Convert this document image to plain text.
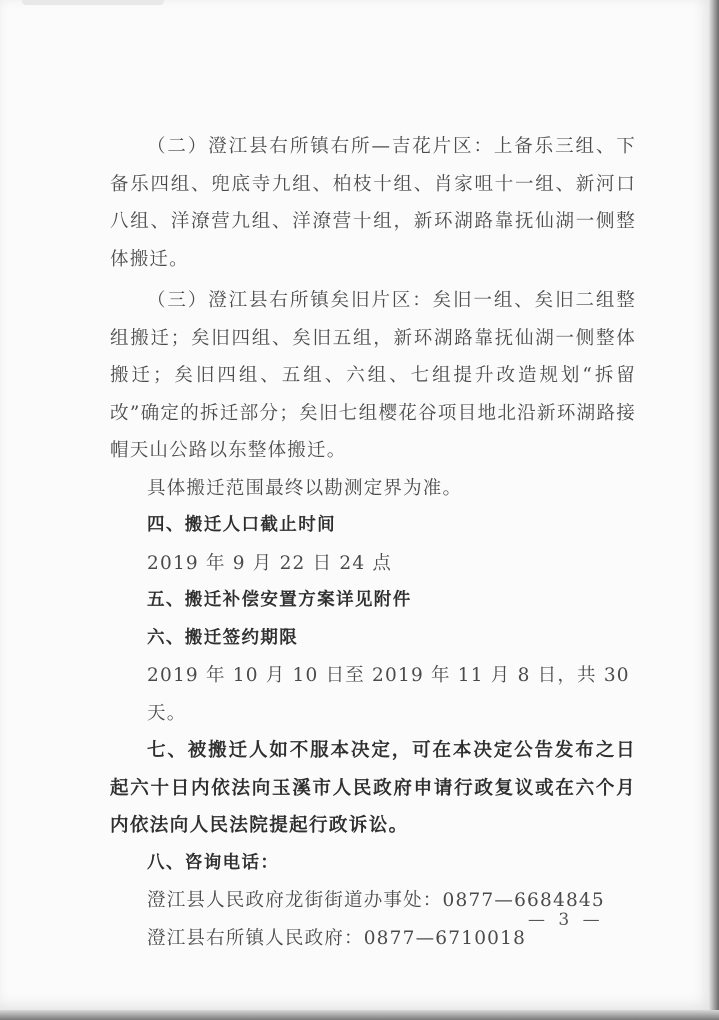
（二）澄江县右所镇右所—吉花片区：上备乐三组、下备乐四组、兜底寺九组、柏枝十组、肖家咀十一组、新河口八组、洋潦营九组、洋潦营十组，新环湖路靠抚仙湖一侧整体搬迁。

（三）澄江县右所镇矣旧片区：矣旧一组、矣旧二组整组搬迁；矣旧四组、矣旧五组，新环湖路靠抚仙湖一侧整体搬迁；矣旧四组、五组、六组、七组提升改造规划“拆留改”确定的拆迁部分；矣旧七组樱花谷项目地北沿新环湖路接帽天山公路以东整体搬迁。

具体搬迁范围最终以勘测定界为准。

四、搬迁人口截止时间

2019 年 9 月 22 日 24 点

五、搬迁补偿安置方案详见附件

六、搬迁签约期限

2019 年 10 月 10 日至 2019 年 11 月 8 日，共 30 天。

七、被搬迁人如不服本决定，可在本决定公告发布之日起六十日内依法向玉溪市人民政府申请行政复议或在六个月内依法向人民法院提起行政诉讼。

八、咨询电话：

澄江县人民政府龙街街道办事处：0877—6684845

澄江县右所镇人民政府：0877—6710018

— 3 —
